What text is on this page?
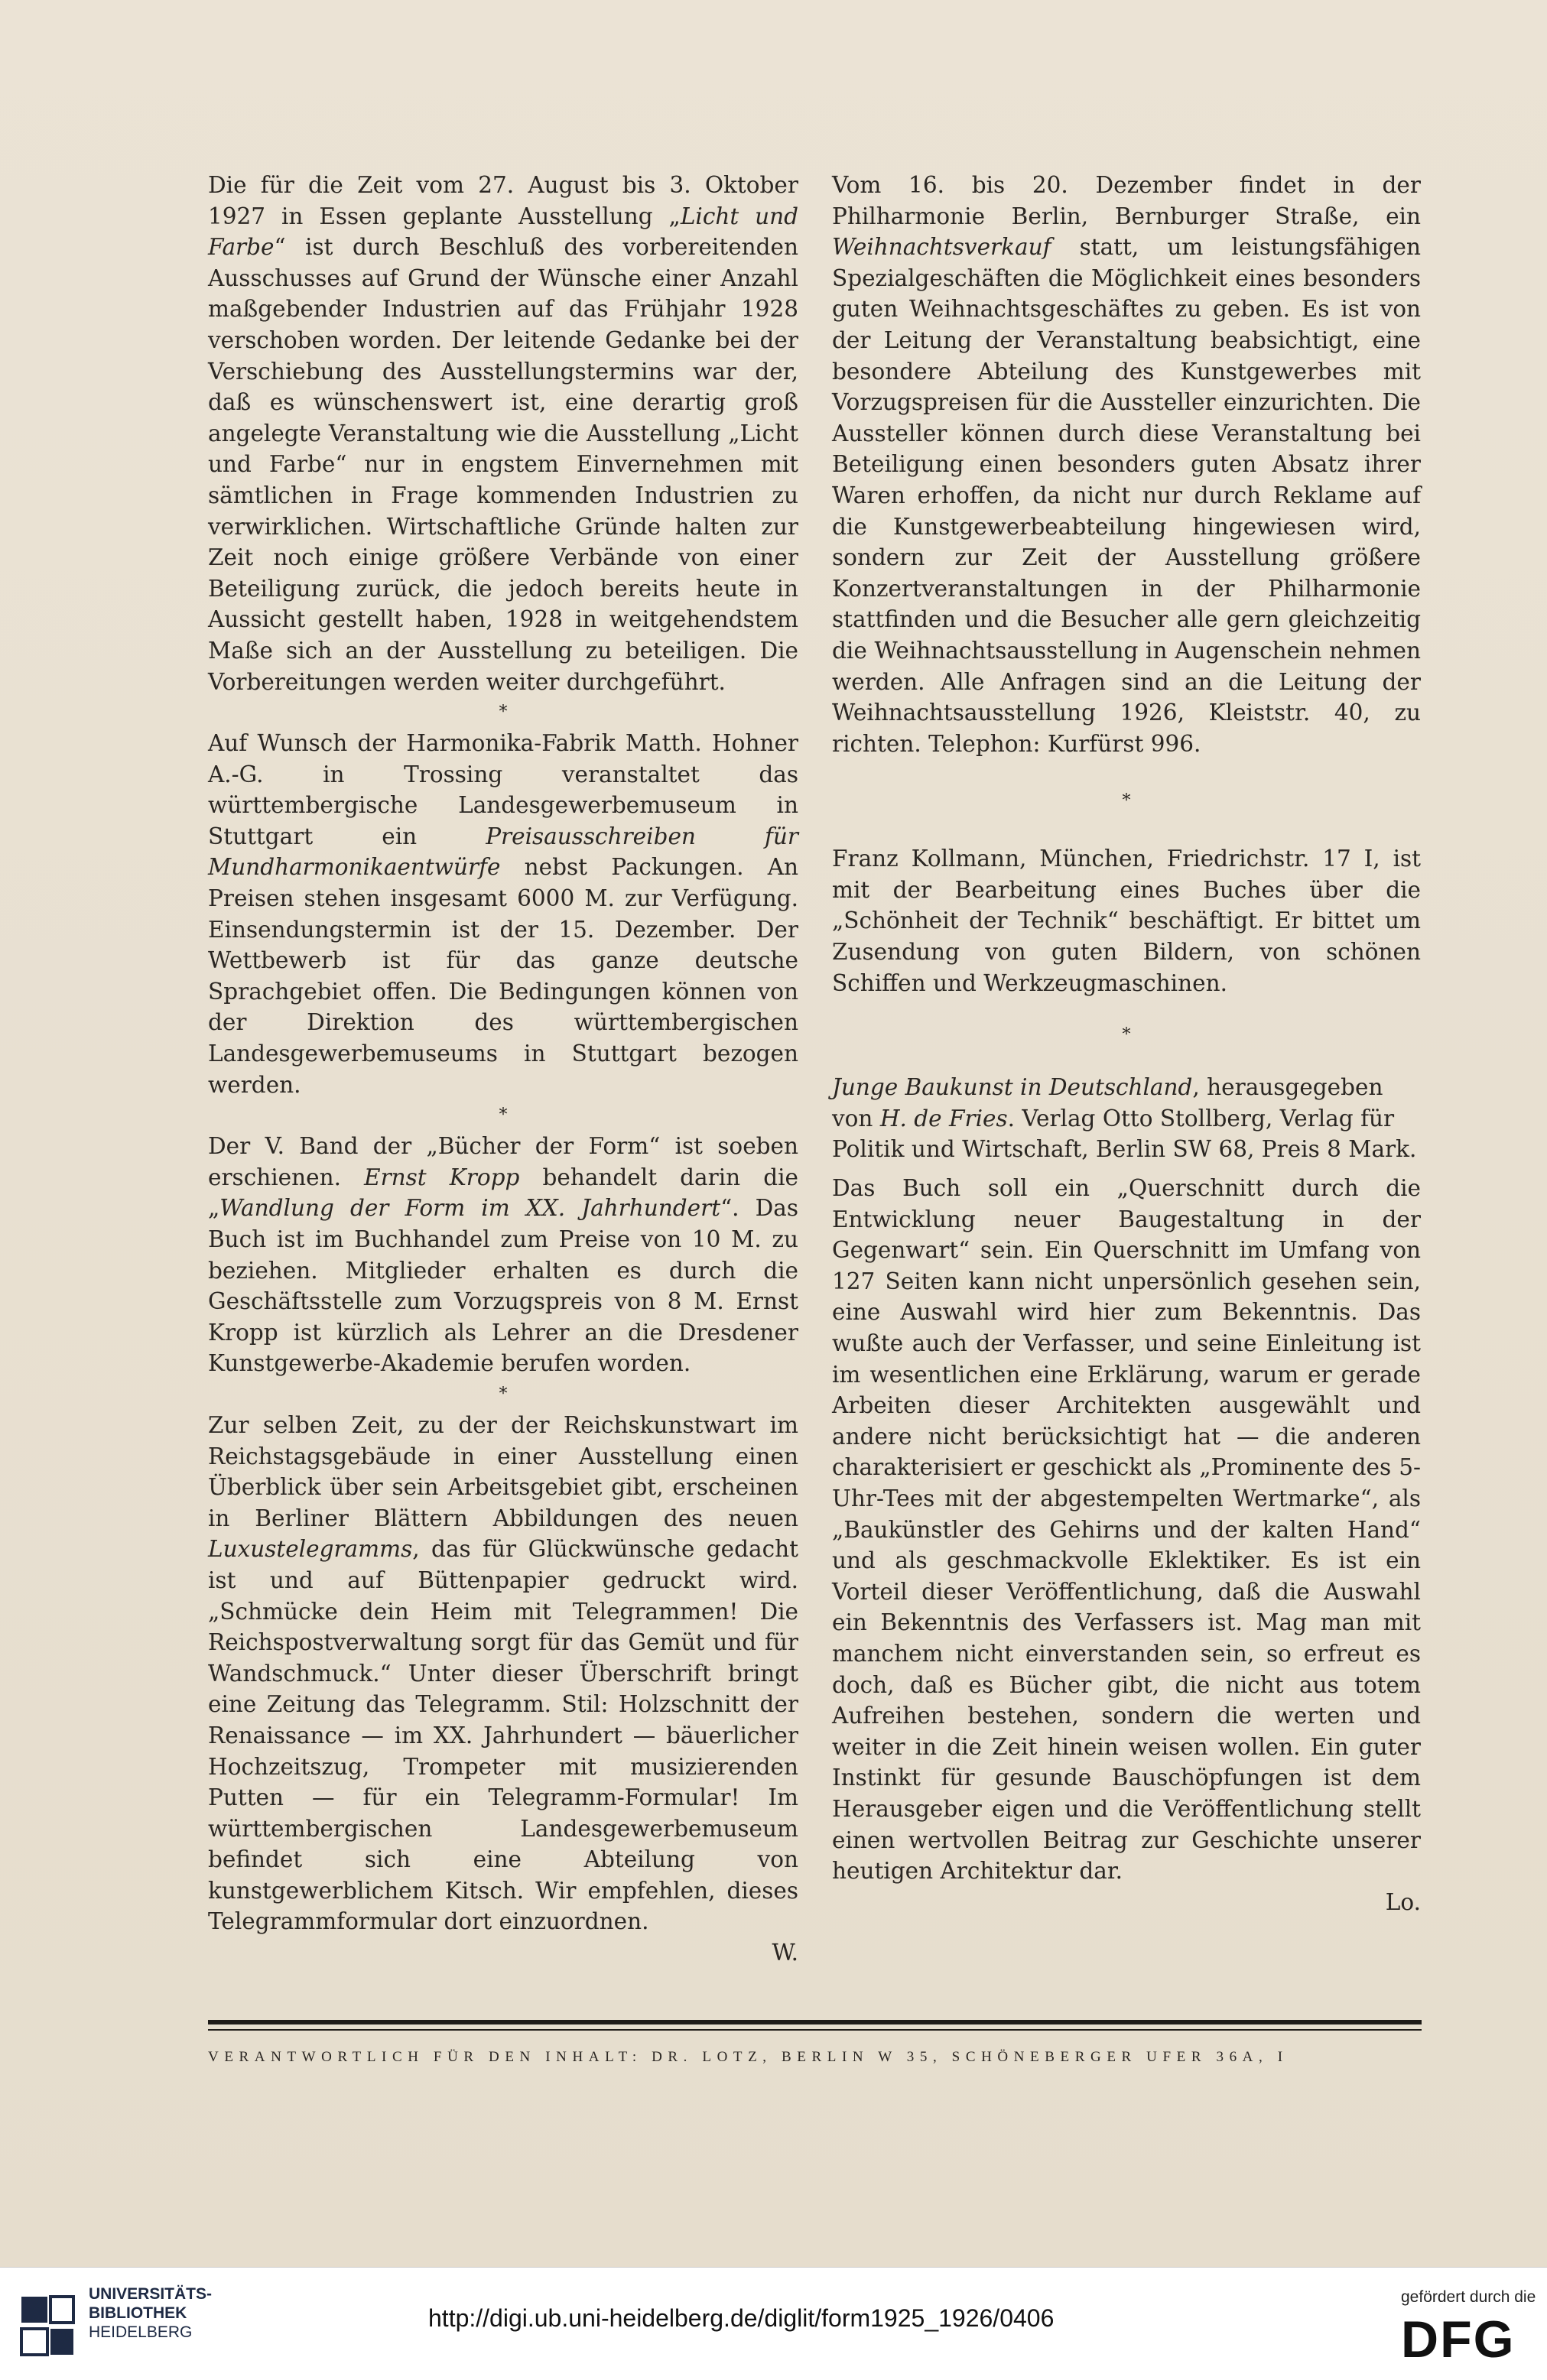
Die für die Zeit vom 27. August bis 3. Oktober 1927 in Essen geplante Ausstellung „Licht und Farbe“ ist durch Beschluß des vorbereitenden Ausschusses auf Grund der Wünsche einer Anzahl maßgebender Industrien auf das Frühjahr 1928 verschoben worden. Der leitende Gedanke bei der Verschiebung des Ausstellungstermins war der, daß es wünschenswert ist, eine derartig groß angelegte Veranstaltung wie die Ausstellung „Licht und Farbe“ nur in engstem Einvernehmen mit sämtlichen in Frage kommenden Industrien zu verwirklichen. Wirtschaftliche Gründe halten zur Zeit noch einige größere Verbände von einer Beteiligung zurück, die jedoch bereits heute in Aussicht gestellt haben, 1928 in weitgehendstem Maße sich an der Ausstellung zu beteiligen. Die Vorbereitungen werden weiter durchgeführt.

*

Auf Wunsch der Harmonika-Fabrik Matth. Hohner A.-G. in Trossing veranstaltet das württembergische Landesgewerbemuseum in Stuttgart ein Preisausschreiben für Mundharmonikaentwürfe nebst Packungen. An Preisen stehen insgesamt 6000 M. zur Verfügung. Einsendungstermin ist der 15. Dezember. Der Wettbewerb ist für das ganze deutsche Sprachgebiet offen. Die Bedingungen können von der Direktion des württembergischen Landesgewerbemuseums in Stuttgart bezogen werden.

*

Der V. Band der „Bücher der Form“ ist soeben erschienen. Ernst Kropp behandelt darin die „Wandlung der Form im XX. Jahrhundert“. Das Buch ist im Buchhandel zum Preise von 10 M. zu beziehen. Mitglieder erhalten es durch die Geschäftsstelle zum Vorzugspreis von 8 M. Ernst Kropp ist kürzlich als Lehrer an die Dresdener Kunstgewerbe-Akademie berufen worden.

*

Zur selben Zeit, zu der der Reichskunstwart im Reichstagsgebäude in einer Ausstellung einen Überblick über sein Arbeitsgebiet gibt, erscheinen in Berliner Blättern Abbildungen des neuen Luxustelegramms, das für Glückwünsche gedacht ist und auf Büttenpapier gedruckt wird. „Schmücke dein Heim mit Telegrammen! Die Reichspostverwaltung sorgt für das Gemüt und für Wandschmuck.“ Unter dieser Überschrift bringt eine Zeitung das Telegramm. Stil: Holzschnitt der Renaissance — im XX. Jahrhundert — bäuerlicher Hochzeitszug, Trompeter mit musizierenden Putten — für ein Telegramm-Formular! Im württembergischen Landesgewerbemuseum befindet sich eine Abteilung von kunstgewerblichem Kitsch. Wir empfehlen, dieses Telegrammformular dort einzuordnen.

W.

Vom 16. bis 20. Dezember findet in der Philharmonie Berlin, Bernburger Straße, ein Weihnachtsverkauf statt, um leistungsfähigen Spezialgeschäften die Möglichkeit eines besonders guten Weihnachtsgeschäftes zu geben. Es ist von der Leitung der Veranstaltung beabsichtigt, eine besondere Abteilung des Kunstgewerbes mit Vorzugspreisen für die Aussteller einzurichten. Die Aussteller können durch diese Veranstaltung bei Beteiligung einen besonders guten Absatz ihrer Waren erhoffen, da nicht nur durch Reklame auf die Kunstgewerbeabteilung hingewiesen wird, sondern zur Zeit der Ausstellung größere Konzertveranstaltungen in der Philharmonie stattfinden und die Besucher alle gern gleichzeitig die Weihnachtsausstellung in Augenschein nehmen werden. Alle Anfragen sind an die Leitung der Weihnachtsausstellung 1926, Kleiststr. 40, zu richten. Telephon: Kurfürst 996.

*

Franz Kollmann, München, Friedrichstr. 17 I, ist mit der Bearbeitung eines Buches über die „Schönheit der Technik“ beschäftigt. Er bittet um Zusendung von guten Bildern, von schönen Schiffen und Werkzeugmaschinen.

*

Junge Baukunst in Deutschland, herausgegeben von H. de Fries. Verlag Otto Stollberg, Verlag für Politik und Wirtschaft, Berlin SW 68, Preis 8 Mark.

Das Buch soll ein „Querschnitt durch die Entwicklung neuer Baugestaltung in der Gegenwart“ sein. Ein Querschnitt im Umfang von 127 Seiten kann nicht unpersönlich gesehen sein, eine Auswahl wird hier zum Bekenntnis. Das wußte auch der Verfasser, und seine Einleitung ist im wesentlichen eine Erklärung, warum er gerade Arbeiten dieser Architekten ausgewählt und andere nicht berücksichtigt hat — die anderen charakterisiert er geschickt als „Prominente des 5-Uhr-Tees mit der abgestempelten Wertmarke“, als „Baukünstler des Gehirns und der kalten Hand“ und als geschmackvolle Eklektiker. Es ist ein Vorteil dieser Veröffentlichung, daß die Auswahl ein Bekenntnis des Verfassers ist. Mag man mit manchem nicht einverstanden sein, so erfreut es doch, daß es Bücher gibt, die nicht aus totem Aufreihen bestehen, sondern die werten und weiter in die Zeit hinein weisen wollen. Ein guter Instinkt für gesunde Bauschöpfungen ist dem Herausgeber eigen und die Veröffentlichung stellt einen wertvollen Beitrag zur Geschichte unserer heutigen Architektur dar.

Lo.
VERANTWORTLICH FÜR DEN INHALT: DR. LOTZ, BERLIN W 35, SCHÖNEBERGER UFER 36A, I
UNIVERSITÄTS-
BIBLIOTHEK
HEIDELBERG
http://digi.ub.uni-heidelberg.de/diglit/form1925_1926/0406
gefördert durch die
DFG
